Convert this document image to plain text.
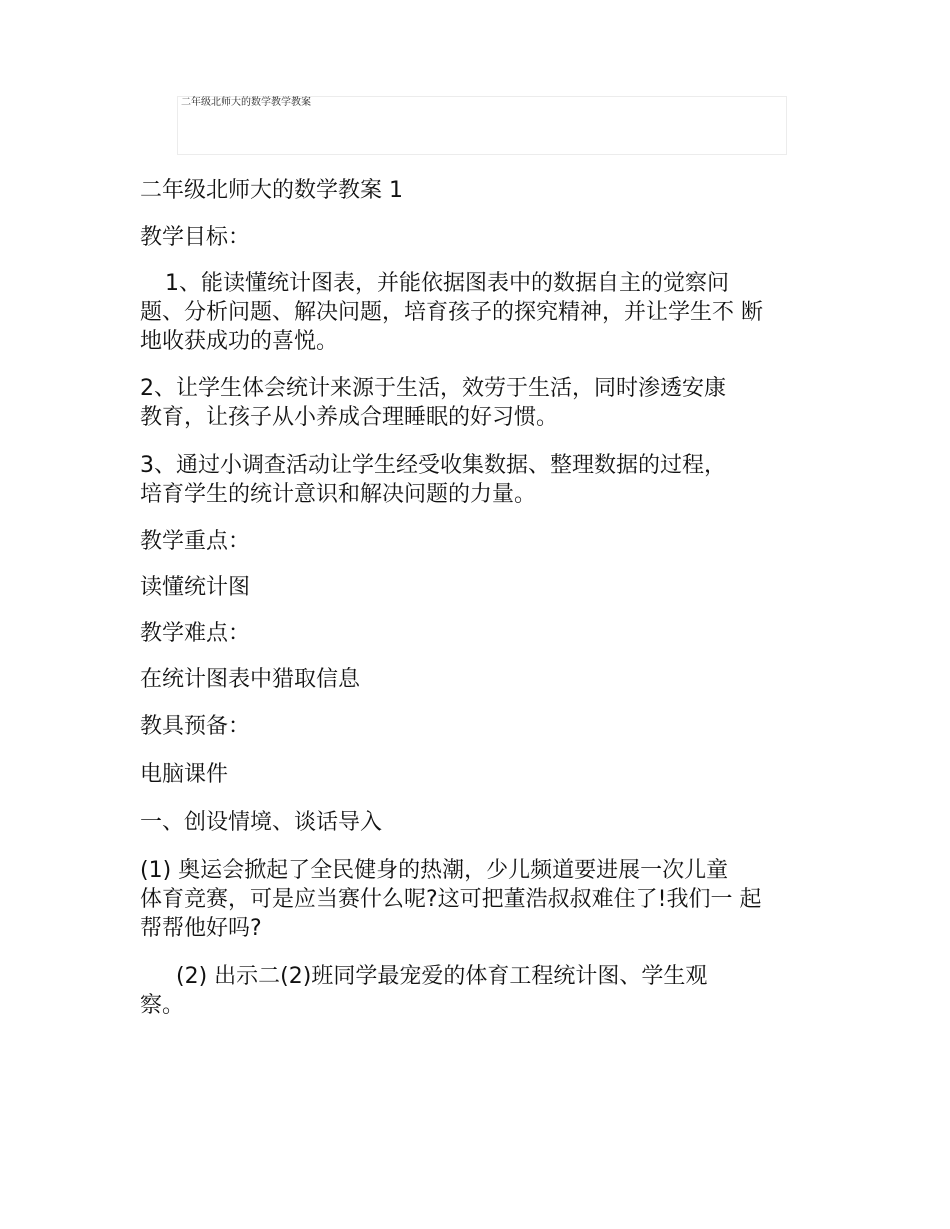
二年级北师大的数学教学教案

二年级北师大的数学教案 1

教学目标：

1、能读懂统计图表，并能依据图表中的数据自主的觉察问

题、分析问题、解决问题，培育孩子的探究精神，并让学生不 断

地收获成功的喜悦。

2、让学生体会统计来源于生活，效劳于生活，同时渗透安康

教育，让孩子从小养成合理睡眠的好习惯。

3、通过小调查活动让学生经受收集数据、整理数据的过程，

培育学生的统计意识和解决问题的力量。

教学重点：

读懂统计图

教学难点：

在统计图表中猎取信息

教具预备：

电脑课件

一、创设情境、谈话导入

(1) 奥运会掀起了全民健身的热潮，少儿频道要进展一次儿童

体育竞赛，可是应当赛什么呢?这可把董浩叔叔难住了!我们一 起

帮帮他好吗?

(2) 出示二(2)班同学最宠爱的体育工程统计图、学生观

察。
